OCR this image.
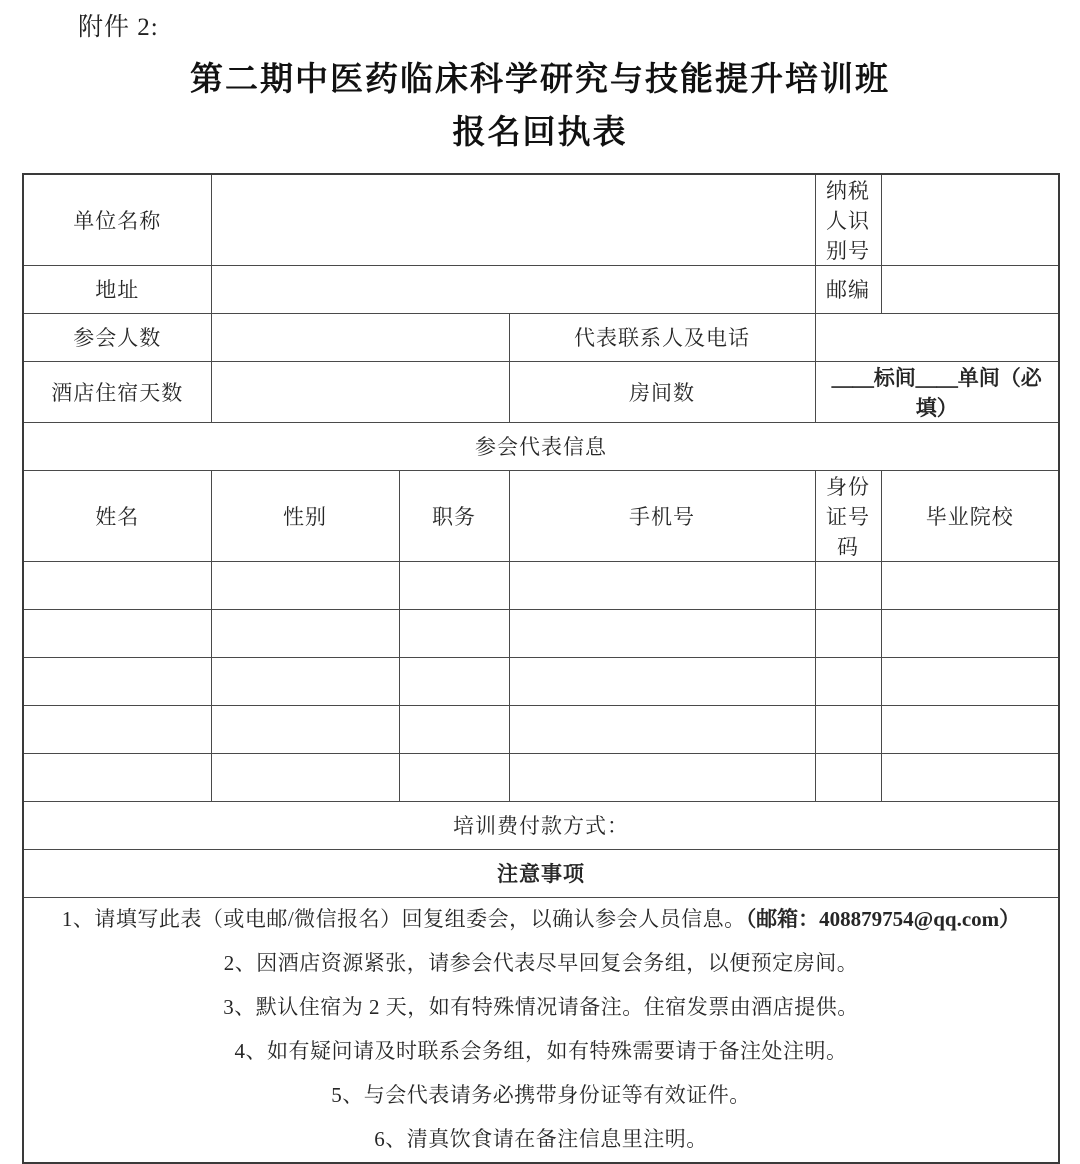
附件 2:

第二期中医药临床科学研究与技能提升培训班
报名回执表
单位名称				纳税人识别号	
地址				邮编	
参会人数			代表联系人及电话		
酒店住宿天数			房间数	＿＿标间＿＿单间（必填）	
参会代表信息					
姓名	性别	职务	手机号	身份证号码	毕业院校

培训费付款方式：					
注意事项					

1、请填写此表（或电邮/微信报名）回复组委会，以确认参会人员信息。（邮箱：408879754@qq.com）
2、因酒店资源紧张，请参会代表尽早回复会务组，以便预定房间。
3、默认住宿为 2 天，如有特殊情况请备注。住宿发票由酒店提供。
4、如有疑问请及时联系会务组，如有特殊需要请于备注处注明。
5、与会代表请务必携带身份证等有效证件。
6、清真饮食请在备注信息里注明。
